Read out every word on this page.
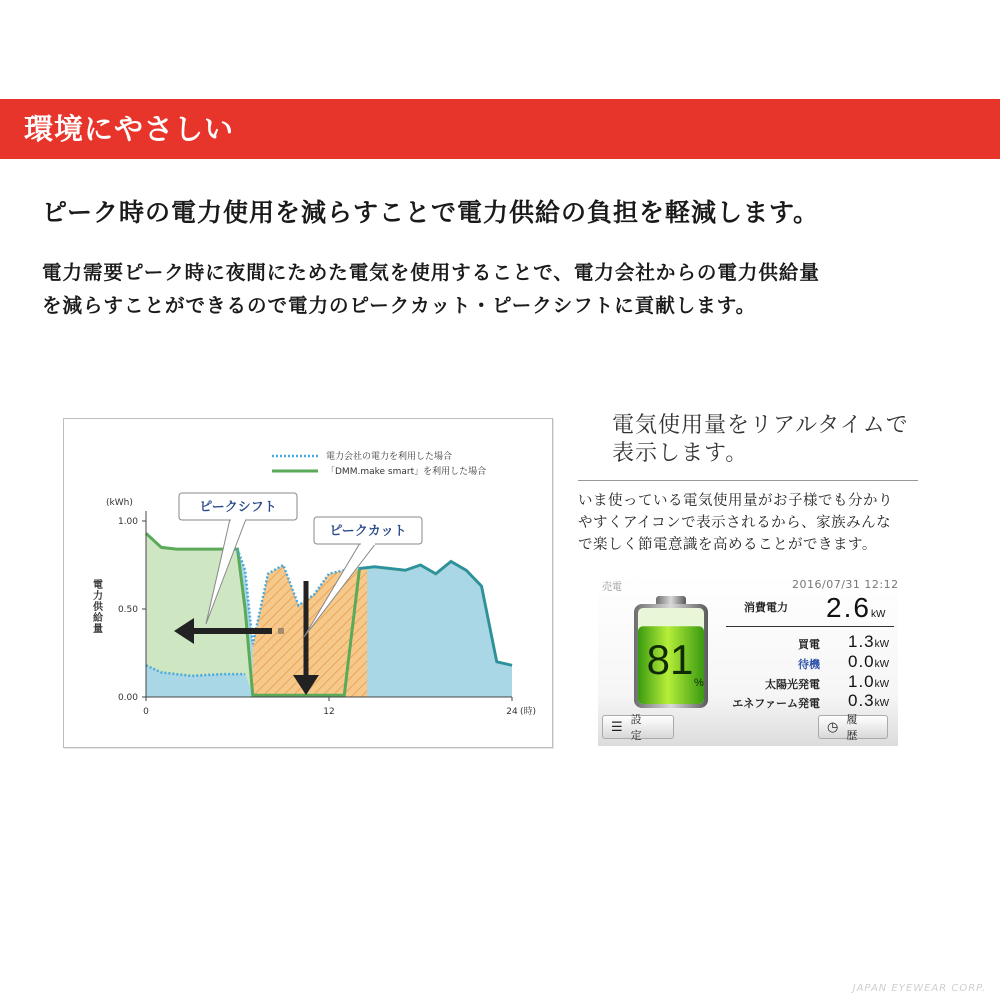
環境にやさしい
ピーク時の電力使用を減らすことで電力供給の負担を軽減します。
電力需要ピーク時に夜間にためた電気を使用することで、電力会社からの電力供給量
を減らすことができるので電力のピークカット・ピークシフトに貢献します。
1.00
0.50
0.00
0	12	24 (時)
(kWh)
電力供給量
電力会社の電力を利用した場合
「DMM.make smart」を利用した場合
ピークシフト
ピークカット
電気使用量をリアルタイムで
表示します。
いま使っている電気使用量がお子様でも分かり
やすくアイコンで表示されるから、家族みんな
で楽しく節電意識を高めることができます。
売電	2016/07/31 12:12
81 %
消費電力 2.6kW
買電 1.3kW
待機 0.0kW
太陽光発電 1.0kW
エネファーム発電 0.3kW
☰ 設 定
◷ 履 歴
JAPAN EYEWEAR CORP.
